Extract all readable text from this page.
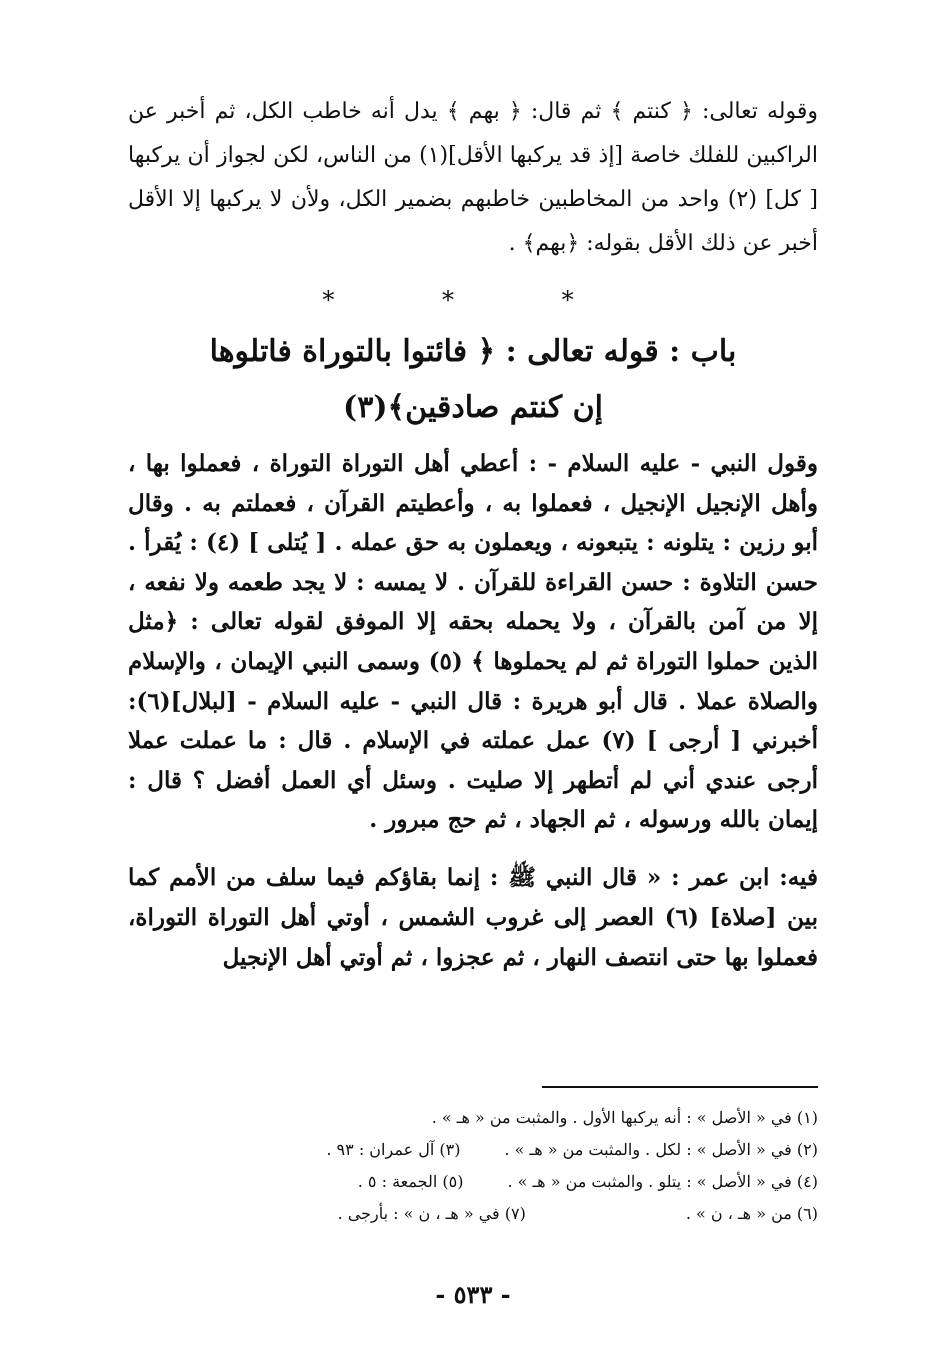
وقوله تعالى: ﴿ كنتم ﴾ ثم قال: ﴿ بهم ﴾ يدل أنه خاطب الكل، ثم أخبر عن الراكبين للفلك خاصة [إذ قد يركبها الأقل](١) من الناس، لكن لجواز أن يركبها [ كل] (٢) واحد من المخاطبين خاطبهم بضمير الكل، ولأن لا يركبها إلا الأقل أخبر عن ذلك الأقل بقوله: ﴿بهم﴾ .

* * *
باب : قوله تعالى : ﴿ فائتوا بالتوراة فاتلوها
إن كنتم صادقين﴾(٣)

وقول النبي - عليه السلام - : أعطي أهل التوراة التوراة ، فعملوا بها ، وأهل الإنجيل الإنجيل ، فعملوا به ، وأعطيتم القرآن ، فعملتم به . وقال أبو رزين : يتلونه : يتبعونه ، ويعملون به حق عمله . [ يُتلى ] (٤) : يُقرأ . حسن التلاوة : حسن القراءة للقرآن . لا يمسه : لا يجد طعمه ولا نفعه ، إلا من آمن بالقرآن ، ولا يحمله بحقه إلا الموفق لقوله تعالى : ﴿مثل الذين حملوا التوراة ثم لم يحملوها ﴾ (٥) وسمى النبي الإيمان ، والإسلام والصلاة عملا . قال أبو هريرة : قال النبي - عليه السلام - [لبلال](٦): أخبرني [ أرجى ] (٧) عمل عملته في الإسلام . قال : ما عملت عملا أرجى عندي أني لم أتطهر إلا صليت . وسئل أي العمل أفضل ؟ قال : إيمان بالله ورسوله ، ثم الجهاد ، ثم حج مبرور .

فيه: ابن عمر : « قال النبي ﷺ : إنما بقاؤكم فيما سلف من الأمم كما بين [صلاة] (٦) العصر إلى غروب الشمس ، أوتي أهل التوراة التوراة، فعملوا بها حتى انتصف النهار ، ثم عجزوا ، ثم أوتي أهل الإنجيل

(١) في « الأصل » : أنه يركبها الأول . والمثبت من « هـ » .
(٢) في « الأصل » : لكل . والمثبت من « هـ » .(٣) آل عمران : ٩٣ .
(٤) في « الأصل » : يتلو . والمثبت من « هـ » .(٥) الجمعة : ٥ .
(٦) من « هـ ، ن » .(٧) في « هـ ، ن » : بأرجى .
- ٥٣٣ -
